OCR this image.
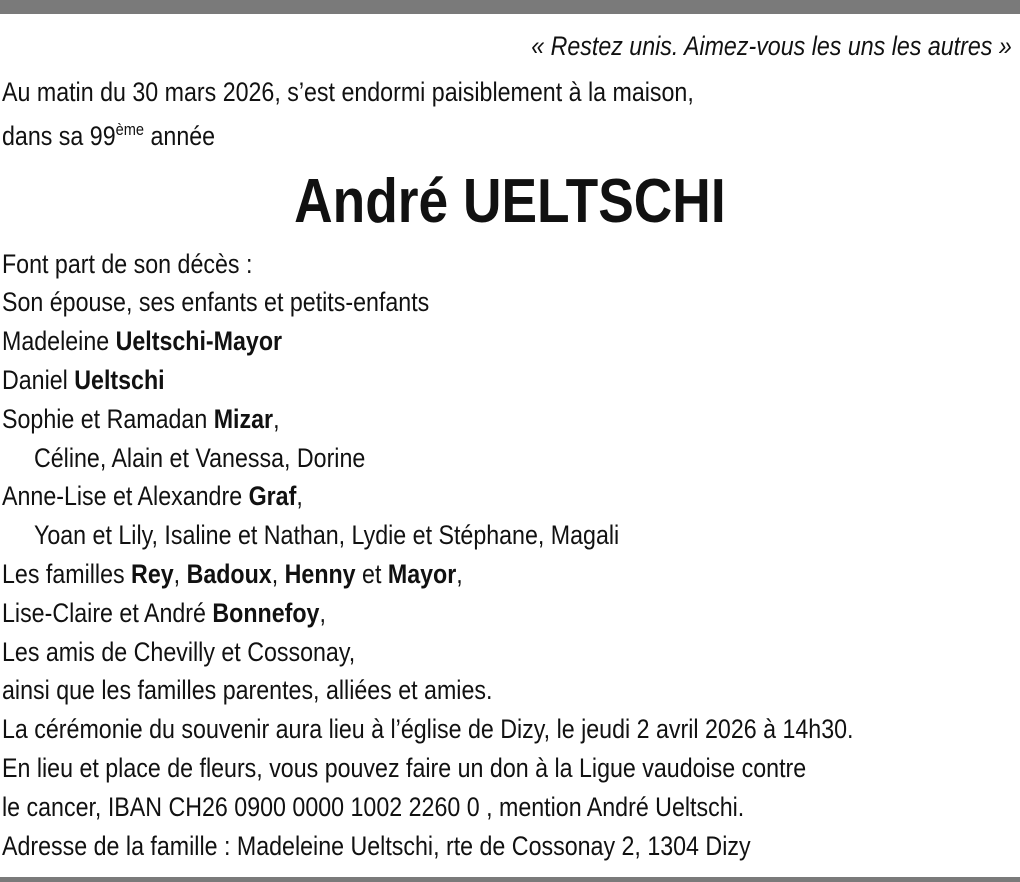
« Restez unis. Aimez-vous les uns les autres »
Au matin du 30 mars 2026, s’est endormi paisiblement à la maison,
dans sa 99ème année
André UELTSCHI
Font part de son décès :
Son épouse, ses enfants et petits-enfants
Madeleine Ueltschi-Mayor
Daniel Ueltschi
Sophie et Ramadan Mizar,
Céline, Alain et Vanessa, Dorine
Anne-Lise et Alexandre Graf,
Yoan et Lily, Isaline et Nathan, Lydie et Stéphane, Magali
Les familles Rey, Badoux, Henny et Mayor,
Lise-Claire et André Bonnefoy,
Les amis de Chevilly et Cossonay,
ainsi que les familles parentes, alliées et amies.
La cérémonie du souvenir aura lieu à l’église de Dizy, le jeudi 2 avril 2026 à 14h30.
En lieu et place de fleurs, vous pouvez faire un don à la Ligue vaudoise contre
le cancer, IBAN CH26 0900 0000 1002 2260 0 , mention André Ueltschi.
Adresse de la famille : Madeleine Ueltschi, rte de Cossonay 2, 1304 Dizy
